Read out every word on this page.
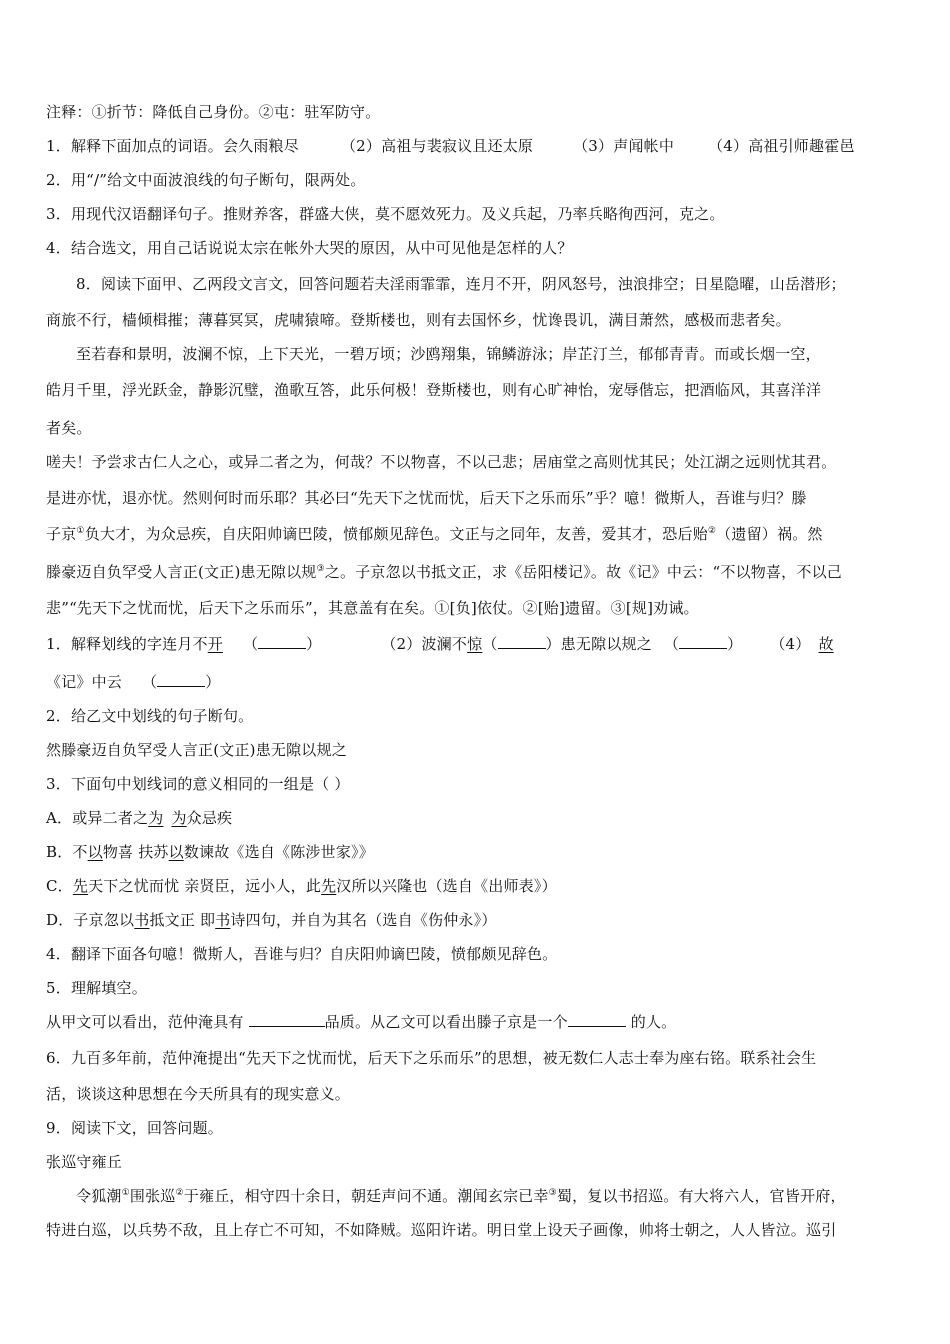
注释：①折节：降低自己身份。②屯：驻军防守。
1．解释下面加点的词语。会久雨粮尽	（2）高祖与裴寂议且还太原	（3）声闻帐中 （4）高祖引师趣霍邑
2．用“/”给文中面波浪线的句子断句，限两处。
3．用现代汉语翻译句子。推财养客，群盛大侠，莫不愿效死力。及义兵起，乃率兵略徇西河，克之。
4．结合选文，用自己话说说太宗在帐外大哭的原因，从中可见他是怎样的人？
8．阅读下面甲、乙两段文言文，回答问题若夫淫雨霏霏，连月不开，阴风怒号，浊浪排空；日星隐曜，山岳潜形；
商旅不行，樯倾楫摧；薄暮冥冥，虎啸猿啼。登斯楼也，则有去国怀乡，忧谗畏讥，满目萧然，感极而悲者矣。
至若春和景明，波澜不惊，上下天光，一碧万顷；沙鸥翔集，锦鳞游泳；岸芷汀兰，郁郁青青。而或长烟一空，
皓月千里，浮光跃金，静影沉璧，渔歌互答，此乐何极！登斯楼也，则有心旷神怡，宠辱偕忘，把酒临风，其喜洋洋
者矣。
嗟夫！予尝求古仁人之心，或异二者之为，何哉？不以物喜，不以己悲；居庙堂之高则忧其民；处江湖之远则忧其君。
是进亦忧，退亦忧。然则何时而乐耶？其必曰“先天下之忧而忧，后天下之乐而乐”乎？噫！微斯人，吾谁与归？滕
子京①负大才，为众忌疾，自庆阳帅谪巴陵，愤郁颇见辞色。文正与之同年，友善，爱其才，恐后贻②（遗留）祸。然
滕豪迈自负罕受人言正(文正)患无隙以规③之。子京忽以书抵文正，求《岳阳楼记》。故《记》中云：“不以物喜，不以己
悲”“先天下之忧而忧，后天下之乐而乐”，其意盖有在矣。①[负]依仗。②[贻]遗留。③[规]劝诫。
1．解释划线的字连月不开 （	）	（2）波澜不惊（	）患无隙以规之 （	） （4） 故
《记》中云 （	）
2．给乙文中划线的句子断句。
然滕豪迈自负罕受人言正(文正)患无隙以规之
3．下面句中划线词的意义相同的一组是（ ）
A．或异二者之为 为众忌疾
B．不以物喜 扶苏以数谏故《选自《陈涉世家》》
C．先天下之忧而忧 亲贤臣，远小人，此先汉所以兴隆也（选自《出师表》）
D．子京忽以书抵文正 即书诗四句，并自为其名（选自《伤仲永》）
4．翻译下面各句噫！微斯人，吾谁与归？自庆阳帅谪巴陵，愤郁颇见辞色。
5．理解填空。
从甲文可以看出，范仲淹具有	品质。从乙文可以看出滕子京是一个	的人。
6．九百多年前，范仲淹提出“先天下之忧而忧，后天下之乐而乐”的思想，被无数仁人志士奉为座右铭。联系社会生
活，谈谈这种思想在今天所具有的现实意义。
9．阅读下文，回答问题。
张巡守雍丘
令狐潮①围张巡②于雍丘，相守四十余日，朝廷声问不通。潮闻玄宗已幸③蜀，复以书招巡。有大将六人，官皆开府，
特进白巡，以兵势不敌，且上存亡不可知，不如降贼。巡阳许诺。明日堂上设天子画像，帅将士朝之，人人皆泣。巡引
